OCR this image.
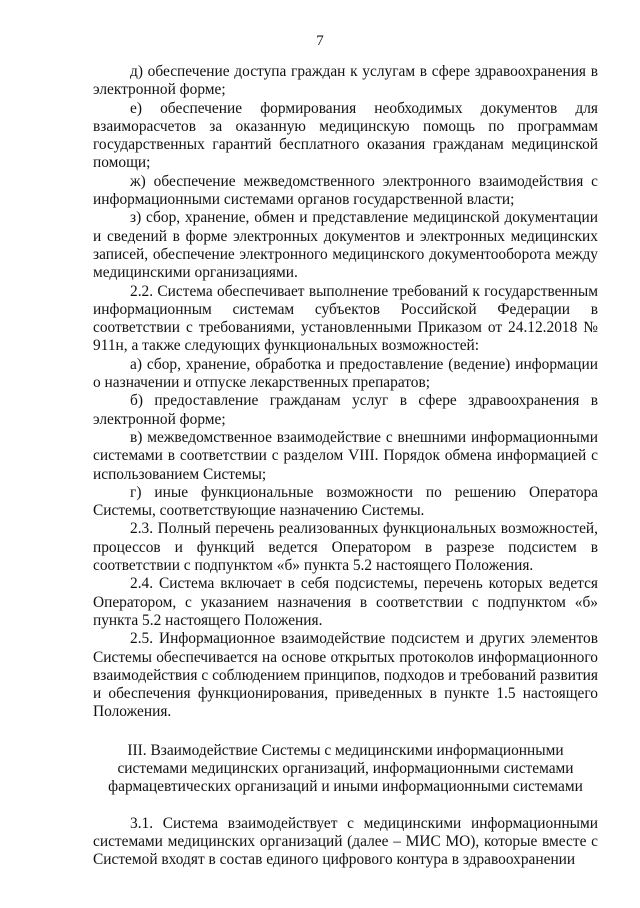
7

д) обеспечение доступа граждан к услугам в сфере здравоохранения в электронной форме;

е) обеспечение формирования необходимых документов для взаиморасчетов за оказанную медицинскую помощь по программам государственных гарантий бесплатного оказания гражданам медицинской помощи;

ж) обеспечение межведомственного электронного взаимодействия с информационными системами органов государственной власти;

з) сбор, хранение, обмен и представление медицинской документации и сведений в форме электронных документов и электронных медицинских записей, обеспечение электронного медицинского документооборота между медицинскими организациями.

2.2. Система обеспечивает выполнение требований к государственным информационным системам субъектов Российской Федерации в соответствии с требованиями, установленными Приказом от 24.12.2018 № 911н, а также следующих функциональных возможностей:

а) сбор, хранение, обработка и предоставление (ведение) информации о назначении и отпуске лекарственных препаратов;

б) предоставление гражданам услуг в сфере здравоохранения в электронной форме;

в) межведомственное взаимодействие с внешними информационными системами в соответствии с разделом VIII. Порядок обмена информацией с использованием Системы;

г) иные функциональные возможности по решению Оператора Системы, соответствующие назначению Системы.

2.3. Полный перечень реализованных функциональных возможностей, процессов и функций ведется Оператором в разрезе подсистем в соответствии с подпунктом «б» пункта 5.2 настоящего Положения.

2.4. Система включает в себя подсистемы, перечень которых ведется Оператором, с указанием назначения в соответствии с подпунктом «б» пункта 5.2 настоящего Положения.

2.5. Информационное взаимодействие подсистем и других элементов Системы обеспечивается на основе открытых протоколов информационного взаимодействия с соблюдением принципов, подходов и требований развития и обеспечения функционирования, приведенных в пункте 1.5 настоящего Положения.

III. Взаимодействие Системы с медицинскими информационными системами медицинских организаций, информационными системами фармацевтических организаций и иными информационными системами

3.1. Система взаимодействует с медицинскими информационными системами медицинских организаций (далее – МИС МО), которые вместе с Системой входят в состав единого цифрового контура в здравоохранении
